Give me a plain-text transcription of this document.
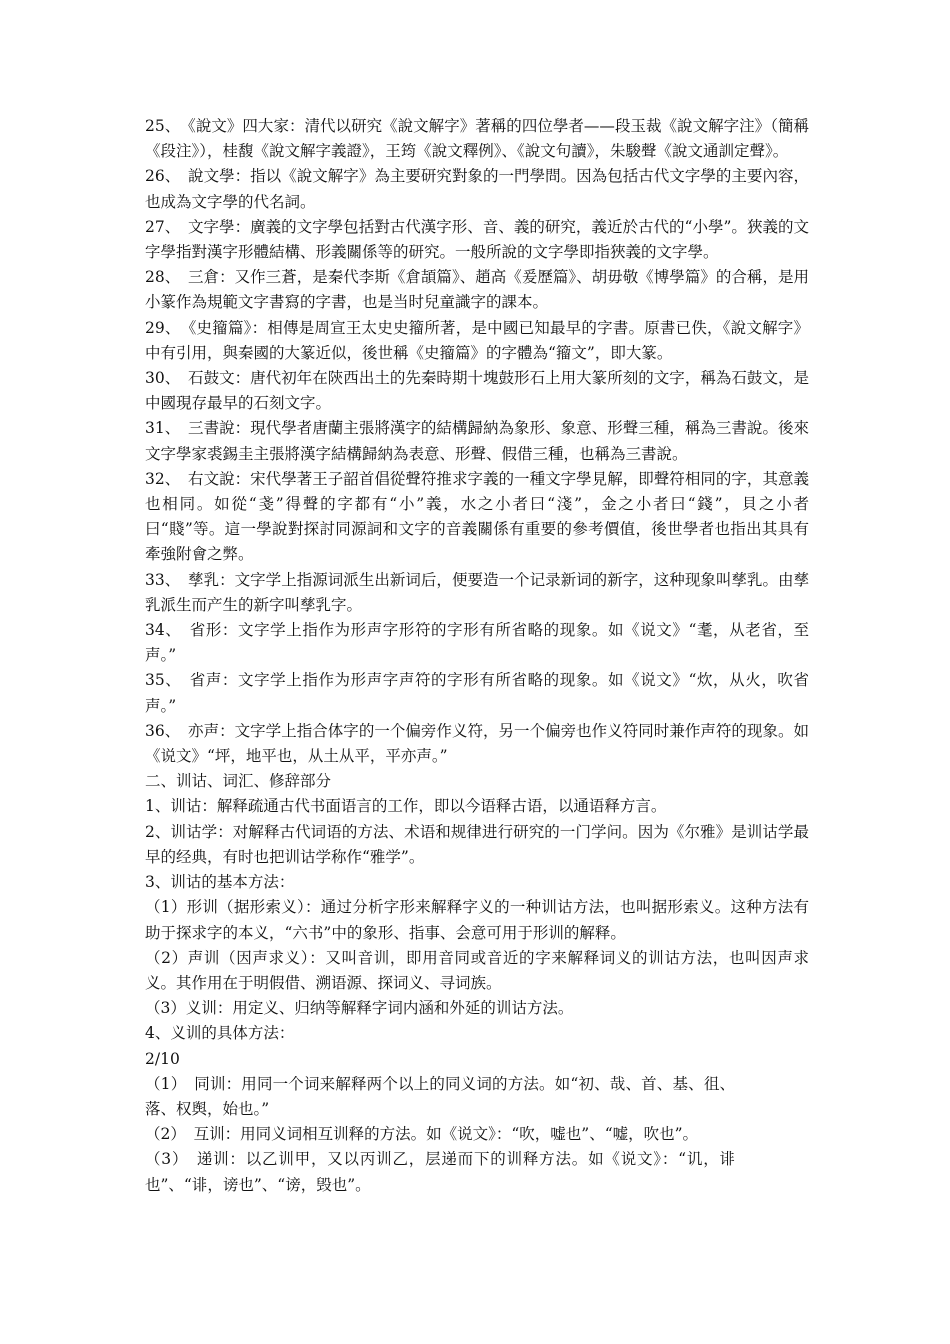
25、　《說文》四大家：清代以研究《說文解字》著稱的四位學者——段玉裁《說文解字注》（簡稱《段注》），桂馥《說文解字義證》，王筠《說文釋例》、《說文句讀》，朱駿聲《說文通訓定聲》。

26、　說文學：指以《說文解字》為主要研究對象的一門學問。因為包括古代文字學的主要內容，也成為文字學的代名詞。

27、　文字學：廣義的文字學包括對古代漢字形、音、義的研究，義近於古代的“小學”。狹義的文字學指對漢字形體結構、形義關係等的研究。一般所說的文字學即指狹義的文字學。

28、　三倉：又作三蒼，是秦代李斯《倉頡篇》、趙高《爰歷篇》、胡毋敬《博學篇》的合稱，是用小篆作為規範文字書寫的字書，也是当时兒童識字的課本。

29、　《史籀篇》：相傳是周宣王太史史籀所著，是中國已知最早的字書。原書已佚，《說文解字》中有引用，與秦國的大篆近似，後世稱《史籀篇》的字體為“籀文”，即大篆。

30、　石鼓文：唐代初年在陝西出土的先秦時期十塊鼓形石上用大篆所刻的文字，稱為石鼓文，是中國現存最早的石刻文字。

31、　三書說：現代學者唐蘭主張將漢字的結構歸納為象形、象意、形聲三種，稱為三書說。後來文字學家裘錫圭主張將漢字結構歸納為表意、形聲、假借三種，也稱為三書說。

32、　右文說：宋代學著王子韶首倡從聲符推求字義的一種文字學見解，即聲符相同的字，其意義也相同。如從“戔”得聲的字都有“小”義，水之小者曰“淺”，金之小者曰“錢”，貝之小者曰“賤”等。這一學說對探討同源詞和文字的音義關係有重要的參考價值，後世學者也指出其具有牽強附會之弊。

33、　孳乳：文字学上指源词派生出新词后，便要造一个记录新词的新字，这种现象叫孳乳。由孳乳派生而产生的新字叫孳乳字。

34、　省形：文字学上指作为形声字形符的字形有所省略的现象。如《说文》“耄，从老省，至声。”

35、　省声：文字学上指作为形声字声符的字形有所省略的现象。如《说文》“炊，从火，吹省声。”

36、　亦声：文字学上指合体字的一个偏旁作义符，另一个偏旁也作义符同时兼作声符的现象。如《说文》“坪，地平也，从土从平，平亦声。”

二、训诂、词汇、修辞部分

1、训诂：解释疏通古代书面语言的工作，即以今语释古语，以通语释方言。

2、训诂学：对解释古代词语的方法、术语和规律进行研究的一门学问。因为《尔雅》是训诂学最早的经典，有时也把训诂学称作“雅学”。

3、训诂的基本方法：

（1）形训（据形索义）：通过分析字形来解释字义的一种训诂方法，也叫据形索义。这种方法有助于探求字的本义，“六书”中的象形、指事、会意可用于形训的解释。

（2）声训（因声求义）：又叫音训，即用音同或音近的字来解释词义的训诂方法，也叫因声求义。其作用在于明假借、溯语源、探词义、寻词族。

（3）义训：用定义、归纳等解释字词内涵和外延的训诂方法。

4、义训的具体方法：

2/10

（1）　同训：用同一个词来解释两个以上的同义词的方法。如“初、哉、首、基、徂、落、权舆，始也。”

（2）　互训：用同义词相互训释的方法。如《说文》：“吹，嘘也”、“嘘，吹也”。

（3）　递训：以乙训甲，又以丙训乙，层递而下的训释方法。如《说文》：“讥，诽也”、“诽，谤也”、“谤，毁也”。
